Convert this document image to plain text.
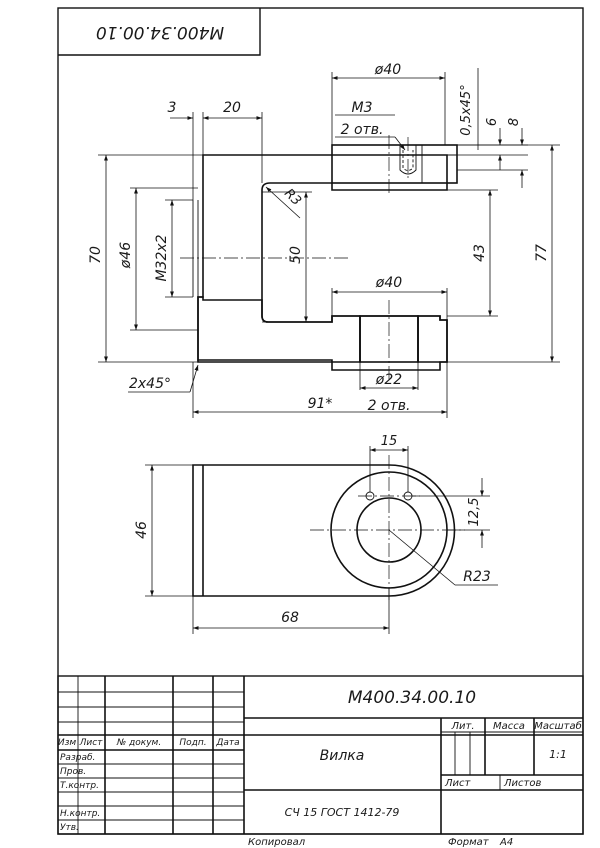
М400.34.00.10
ø40
М3
2 отв.	0,5х45° 6 8
3	20
R3
70 ø46 М32х2	50	43	77
ø40
2х45°	ø22
2 отв.
91*
15
12,5
R23
46
68
М400.34.00.10
Изм Лист № докум. Подп. Дата
Разраб.
Пров.
Т.контр.
Н.контр.
Утв.
Вилка
СЧ 15 ГОСТ 1412-79
Лит. Масса Масштаб
1:1
Лист	Листов
Копировал	Формат А4
